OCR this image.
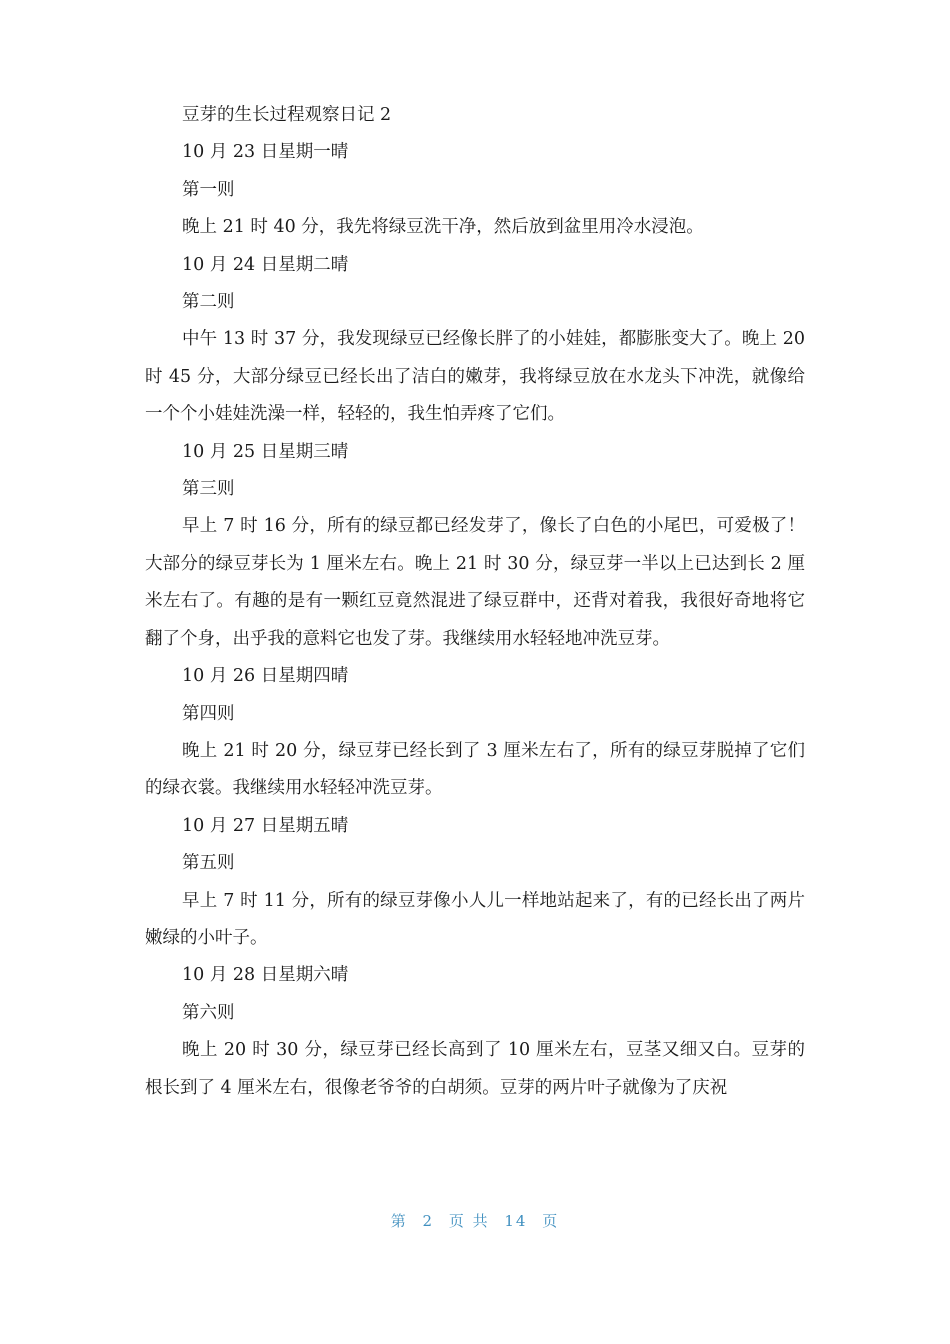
豆芽的生长过程观察日记 2

10 月 23 日星期一晴

第一则

晚上 21 时 40 分，我先将绿豆洗干净，然后放到盆里用冷水浸泡。

10 月 24 日星期二晴

第二则

中午 13 时 37 分，我发现绿豆已经像长胖了的小娃娃，都膨胀变大了。晚上 20 时 45 分，大部分绿豆已经长出了洁白的嫩芽，我将绿豆放在水龙头下冲洗，就像给一个个小娃娃洗澡一样，轻轻的，我生怕弄疼了它们。

10 月 25 日星期三晴

第三则

早上 7 时 16 分，所有的绿豆都已经发芽了，像长了白色的小尾巴，可爱极了！大部分的绿豆芽长为 1 厘米左右。晚上 21 时 30 分，绿豆芽一半以上已达到长 2 厘米左右了。有趣的是有一颗红豆竟然混进了绿豆群中，还背对着我，我很好奇地将它翻了个身，出乎我的意料它也发了芽。我继续用水轻轻地冲洗豆芽。

10 月 26 日星期四晴

第四则

晚上 21 时 20 分，绿豆芽已经长到了 3 厘米左右了，所有的绿豆芽脱掉了它们的绿衣裳。我继续用水轻轻冲洗豆芽。

10 月 27 日星期五晴

第五则

早上 7 时 11 分，所有的绿豆芽像小人儿一样地站起来了，有的已经长出了两片嫩绿的小叶子。

10 月 28 日星期六晴

第六则

晚上 20 时 30 分，绿豆芽已经长高到了 10 厘米左右，豆茎又细又白。豆芽的根长到了 4 厘米左右，很像老爷爷的白胡须。豆芽的两片叶子就像为了庆祝

第 2 页 共 14 页
